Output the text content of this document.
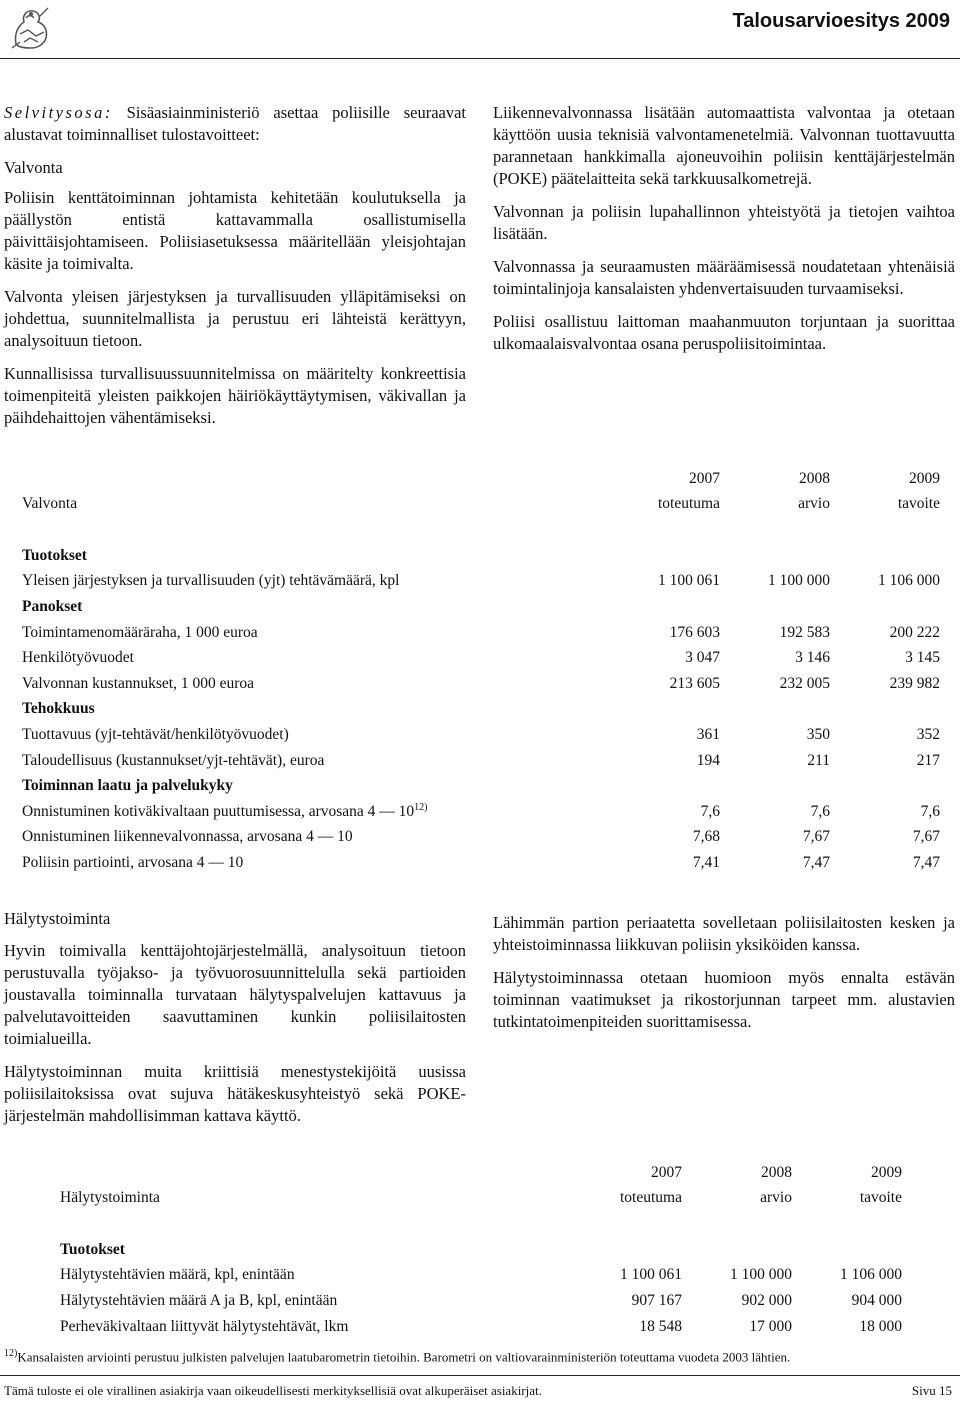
Talousarvioesitys 2009

Selvitysosa: Sisäasiainministeriö asettaa poliisille seuraavat alustavat toiminnalliset tulostavoitteet:

Valvonta

Poliisin kenttätoiminnan johtamista kehitetään koulutuksella ja päällystön entistä kattavammalla osallistumisella päivittäisjohtamiseen. Poliisiasetuksessa määritellään yleisjohtajan käsite ja toimivalta.

Valvonta yleisen järjestyksen ja turvallisuuden ylläpitämiseksi on johdettua, suunnitelmallista ja perustuu eri lähteistä kerättyyn, analysoituun tietoon.

Kunnallisissa turvallisuussuunnitelmissa on määritelty konkreettisia toimenpiteitä yleisten paikkojen häiriökäyttäytymisen, väkivallan ja päihdehaittojen vähentämiseksi.

Liikennevalvonnassa lisätään automaattista valvontaa ja otetaan käyttöön uusia teknisiä valvontamenetelmiä. Valvonnan tuottavuutta parannetaan hankkimalla ajoneuvoihin poliisin kenttäjärjestelmän (POKE) päätelaitteita sekä tarkkuusalkometrejä.

Valvonnan ja poliisin lupahallinnon yhteistyötä ja tietojen vaihtoa lisätään.

Valvonnassa ja seuraamusten määräämisessä noudatetaan yhtenäisiä toimintalinjoja kansalaisten yhdenvertaisuuden turvaamiseksi.

Poliisi osallistuu laittoman maahanmuuton torjuntaan ja suorittaa ulkomaalaisvalvontaa osana peruspoliisitoimintaa.

	2007	2008	2009
Valvonta	toteutuma	arvio	tavoite

Tuotokset			
Yleisen järjestyksen ja turvallisuuden (yjt) tehtävämäärä, kpl	1 100 061	1 100 000	1 106 000
Panokset			
Toimintamenomääräraha, 1 000 euroa	176 603	192 583	200 222
Henkilötyövuodet	3 047	3 146	3 145
Valvonnan kustannukset, 1 000 euroa	213 605	232 005	239 982
Tehokkuus			
Tuottavuus (yjt-tehtävät/henkilötyövuodet)	361	350	352
Taloudellisuus (kustannukset/yjt-tehtävät), euroa	194	211	217
Toiminnan laatu ja palvelukyky			
Onnistuminen kotiväkivaltaan puuttumisessa, arvosana 4 — 10$^{12)}$	7,6	7,6	7,6
Onnistuminen liikennevalvonnassa, arvosana 4 — 10	7,68	7,67	7,67
Poliisin partiointi, arvosana 4 — 10	7,41	7,47	7,47
Hälytystoiminta

Hyvin toimivalla kenttäjohtojärjestelmällä, analysoituun tietoon perustuvalla työjakso- ja työvuorosuunnittelulla sekä partioiden joustavalla toiminnalla turvataan hälytyspalvelujen kattavuus ja palvelutavoitteiden saavuttaminen kunkin poliisilaitosten toimialueilla.

Hälytystoiminnan muita kriittisiä menestystekijöitä uusissa poliisilaitoksissa ovat sujuva hätäkeskusyhteistyö sekä POKE-järjestelmän mahdollisimman kattava käyttö.

Lähimmän partion periaatetta sovelletaan poliisilaitosten kesken ja yhteistoiminnassa liikkuvan poliisin yksiköiden kanssa.

Hälytystoiminnassa otetaan huomioon myös ennalta estävän toiminnan vaatimukset ja rikostorjunnan tarpeet mm. alustavien tutkintatoimenpiteiden suorittamisessa.

	2007	2008	2009
Hälytystoiminta	toteutuma	arvio	tavoite

Tuotokset			
Hälytystehtävien määrä, kpl, enintään	1 100 061	1 100 000	1 106 000
Hälytystehtävien määrä A ja B, kpl, enintään	907 167	902 000	904 000
Perheväkivaltaan liittyvät hälytystehtävät, lkm	18 548	17 000	18 000
$^{12)}$Kansalaisten arviointi perustuu julkisten palvelujen laatubarometrin tietoihin. Barometri on valtiovarainministeriön toteuttama vuodeta 2003 lähtien.
Tämä tuloste ei ole virallinen asiakirja vaan oikeudellisesti merkityksellisiä ovat alkuperäiset asiakirjat.	Sivu 15
